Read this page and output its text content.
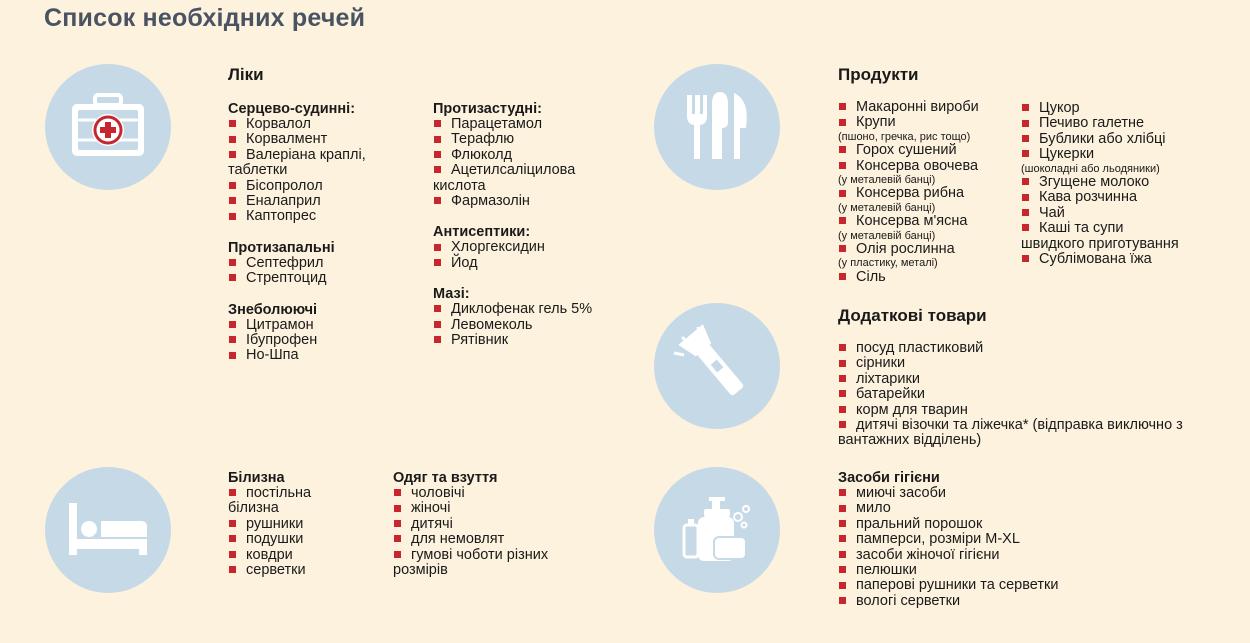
Список необхідних речей
Ліки
Серцево-судинні:
Корвалол
Корвалмент
Валеріана краплі,
таблетки
Бісопролол
Еналаприл
Каптопрес
Протизапальні
Септефрил
Стрептоцид
Знеболюючі
Цитрамон
Ібупрофен
Но-Шпа
Протизастудні:
Парацетамол
Терафлю
Флюколд
Ацетилсаліцилова
кислота
Фармазолін
Антисептики:
Хлоргексидин
Йод
Мазі:
Диклофенак гель 5%
Левомеколь
Рятівник
Продукти
Макаронні вироби
Крупи
(пшоно, гречка, рис тощо)
Горох сушений
Консерва овочева
(у металевій банці)
Консерва рибна
(у металевій банці)
Консерва м'ясна
(у металевій банці)
Олія рослинна
(у пластику, металі)
Сіль
Цукор
Печиво галетне
Бублики або хлібці
Цукерки
(шоколадні або льодяники)
Згущене молоко
Кава розчинна
Чай
Каші та супи
швидкого приготування
Сублімована їжа
Додаткові товари
посуд пластиковий
сірники
ліхтарики
батарейки
корм для тварин
дитячі візочки та ліжечка* (відправка виключно з
вантажних відділень)
Білизна
постільна
білизна
рушники
подушки
ковдри
серветки
Одяг та взуття
чоловічі
жіночі
дитячі
для немовлят
гумові чоботи різних
розмірів
Засоби гігієни
миючі засоби
мило
пральний порошок
памперси, розміри M-XL
засоби жіночої гігієни
пелюшки
паперові рушники та серветки
вологі серветки
